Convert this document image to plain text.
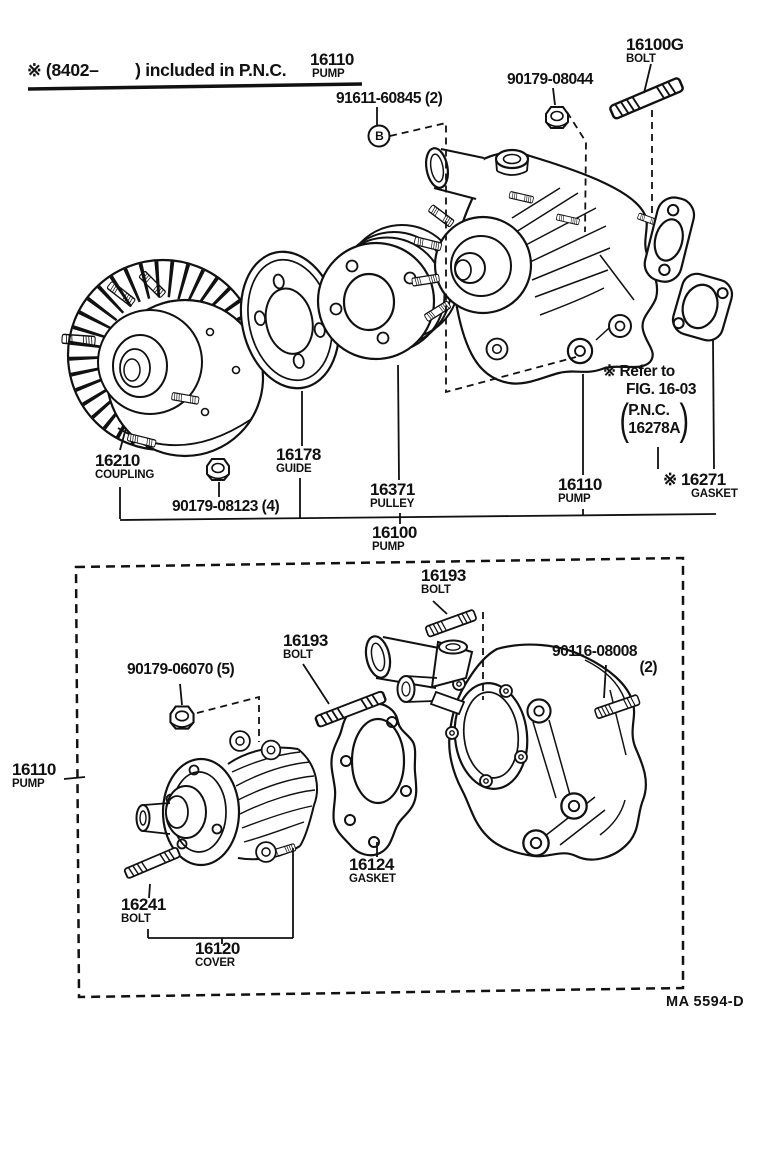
※ (8402–        ) included in P.N.C.
16110
PUMP
B
91611-60845 (2)
90179-08044
16100G
BOLT
16210
COUPLING
90179-08123 (4)
16178
GUIDE
16371
PULLEY
16110
PUMP
※ Refer to
FIG. 16-03
( P.N.C.
16278A )
※ 16271
GASKET
16100
PUMP
16193
BOLT
16193
BOLT
90179-06070 (5)
90116-08008
(2)
16110
PUMP
16241
BOLT
16124
GASKET
16120
COVER
MA 5594-D
